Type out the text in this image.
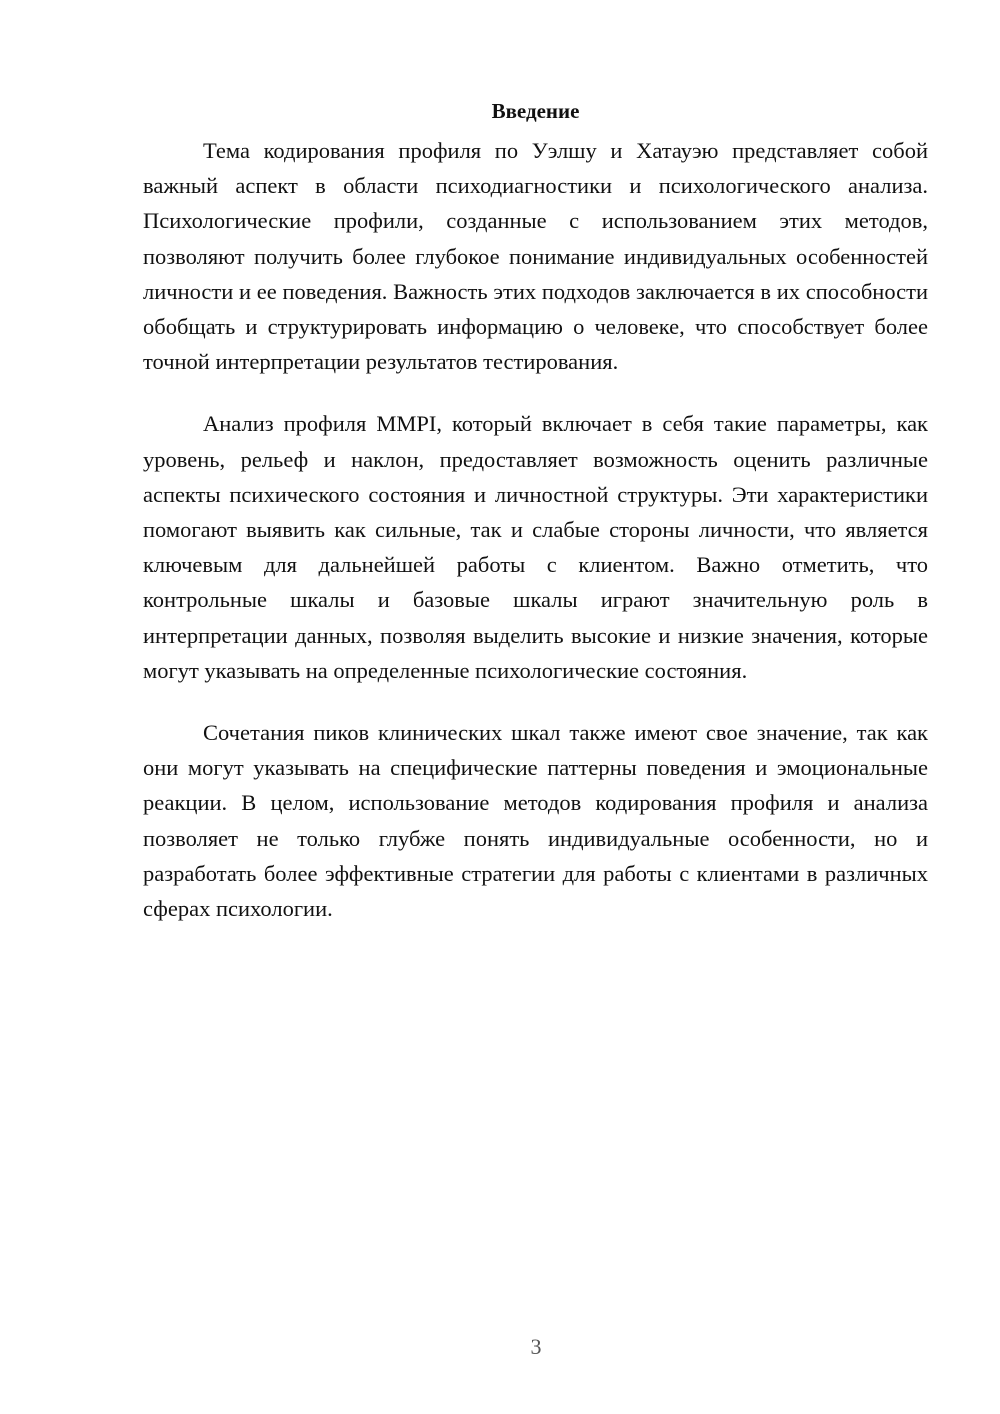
Введение

Тема кодирования профиля по Уэлшу и Хатауэю представляет собой важный аспект в области психодиагностики и психологического анализа. Психологические профили, созданные с использованием этих методов, позволяют получить более глубокое понимание индивидуальных особенностей личности и ее поведения. Важность этих подходов заключается в их способности обобщать и структурировать информацию о человеке, что способствует более точной интерпретации результатов тестирования.

Анализ профиля MMPI, который включает в себя такие параметры, как уровень, рельеф и наклон, предоставляет возможность оценить различные аспекты психического состояния и личностной структуры. Эти характеристики помогают выявить как сильные, так и слабые стороны личности, что является ключевым для дальнейшей работы с клиентом. Важно отметить, что контрольные шкалы и базовые шкалы играют значительную роль в интерпретации данных, позволяя выделить высокие и низкие значения, которые могут указывать на определенные психологические состояния.

Сочетания пиков клинических шкал также имеют свое значение, так как они могут указывать на специфические паттерны поведения и эмоциональные реакции. В целом, использование методов кодирования профиля и анализа позволяет не только глубже понять индивидуальные особенности, но и разработать более эффективные стратегии для работы с клиентами в различных сферах психологии.

3
